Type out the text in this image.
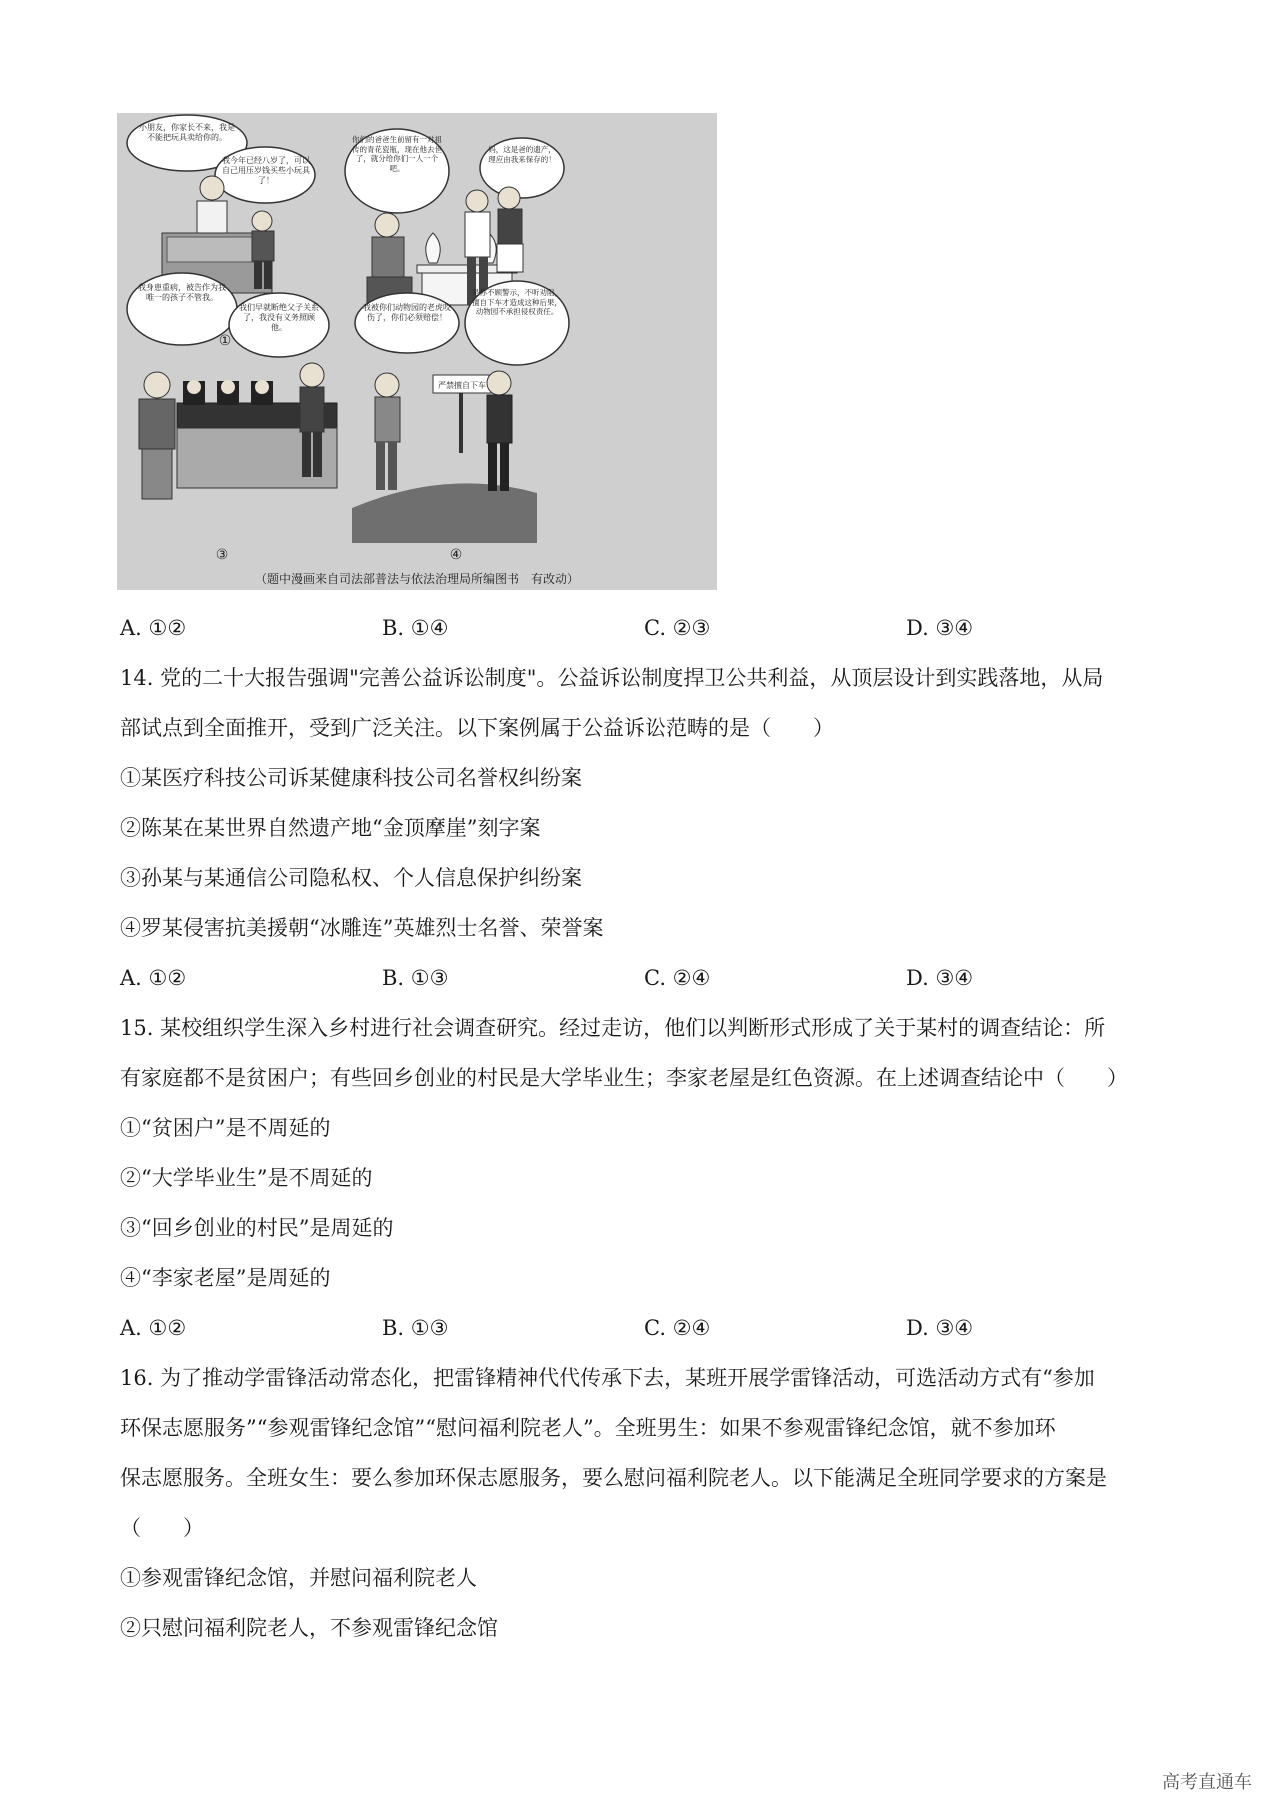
小朋友，你家长不来，我是不能把玩具卖给你的。
我今年已经八岁了，可以自己用压岁钱买些小玩具了！
①
你们的爸爸生前留有一对祖传的青花瓷瓶，现在他去世了，就分给你们一人一个吧。
妈，这是爸的遗产，理应由我来保存的！
我身患重病，被告作为我唯一的孩子不管我。
我们早就断绝父子关系了，我没有义务照顾他。
③
我被你们动物园的老虎咬伤了，你们必须赔偿！
是你不顾警示，不听劝阻，擅自下车才造成这种后果，动物园不承担侵权责任。
严禁擅自下车
④
（题中漫画来自司法部普法与依法治理局所编图书　有改动）
A. ①②	B. ①④	C. ②③	D. ③④
14. 党的二十大报告强调"完善公益诉讼制度"。公益诉讼制度捍卫公共利益，从顶层设计到实践落地，从局
部试点到全面推开，受到广泛关注。以下案例属于公益诉讼范畴的是（　　）
①某医疗科技公司诉某健康科技公司名誉权纠纷案
②陈某在某世界自然遗产地“金顶摩崖”刻字案
③孙某与某通信公司隐私权、个人信息保护纠纷案
④罗某侵害抗美援朝“冰雕连”英雄烈士名誉、荣誉案
A. ①②	B. ①③	C. ②④	D. ③④
15. 某校组织学生深入乡村进行社会调查研究。经过走访，他们以判断形式形成了关于某村的调查结论：所
有家庭都不是贫困户；有些回乡创业的村民是大学毕业生；李家老屋是红色资源。在上述调查结论中（　　）
①“贫困户”是不周延的
②“大学毕业生”是不周延的
③“回乡创业的村民”是周延的
④“李家老屋”是周延的
A. ①②	B. ①③	C. ②④	D. ③④
16. 为了推动学雷锋活动常态化，把雷锋精神代代传承下去，某班开展学雷锋活动，可选活动方式有“参加
环保志愿服务”“参观雷锋纪念馆”“慰问福利院老人”。全班男生：如果不参观雷锋纪念馆，就不参加环
保志愿服务。全班女生：要么参加环保志愿服务，要么慰问福利院老人。以下能满足全班同学要求的方案是
（　　）
①参观雷锋纪念馆，并慰问福利院老人
②只慰问福利院老人，不参观雷锋纪念馆
高考直通车
